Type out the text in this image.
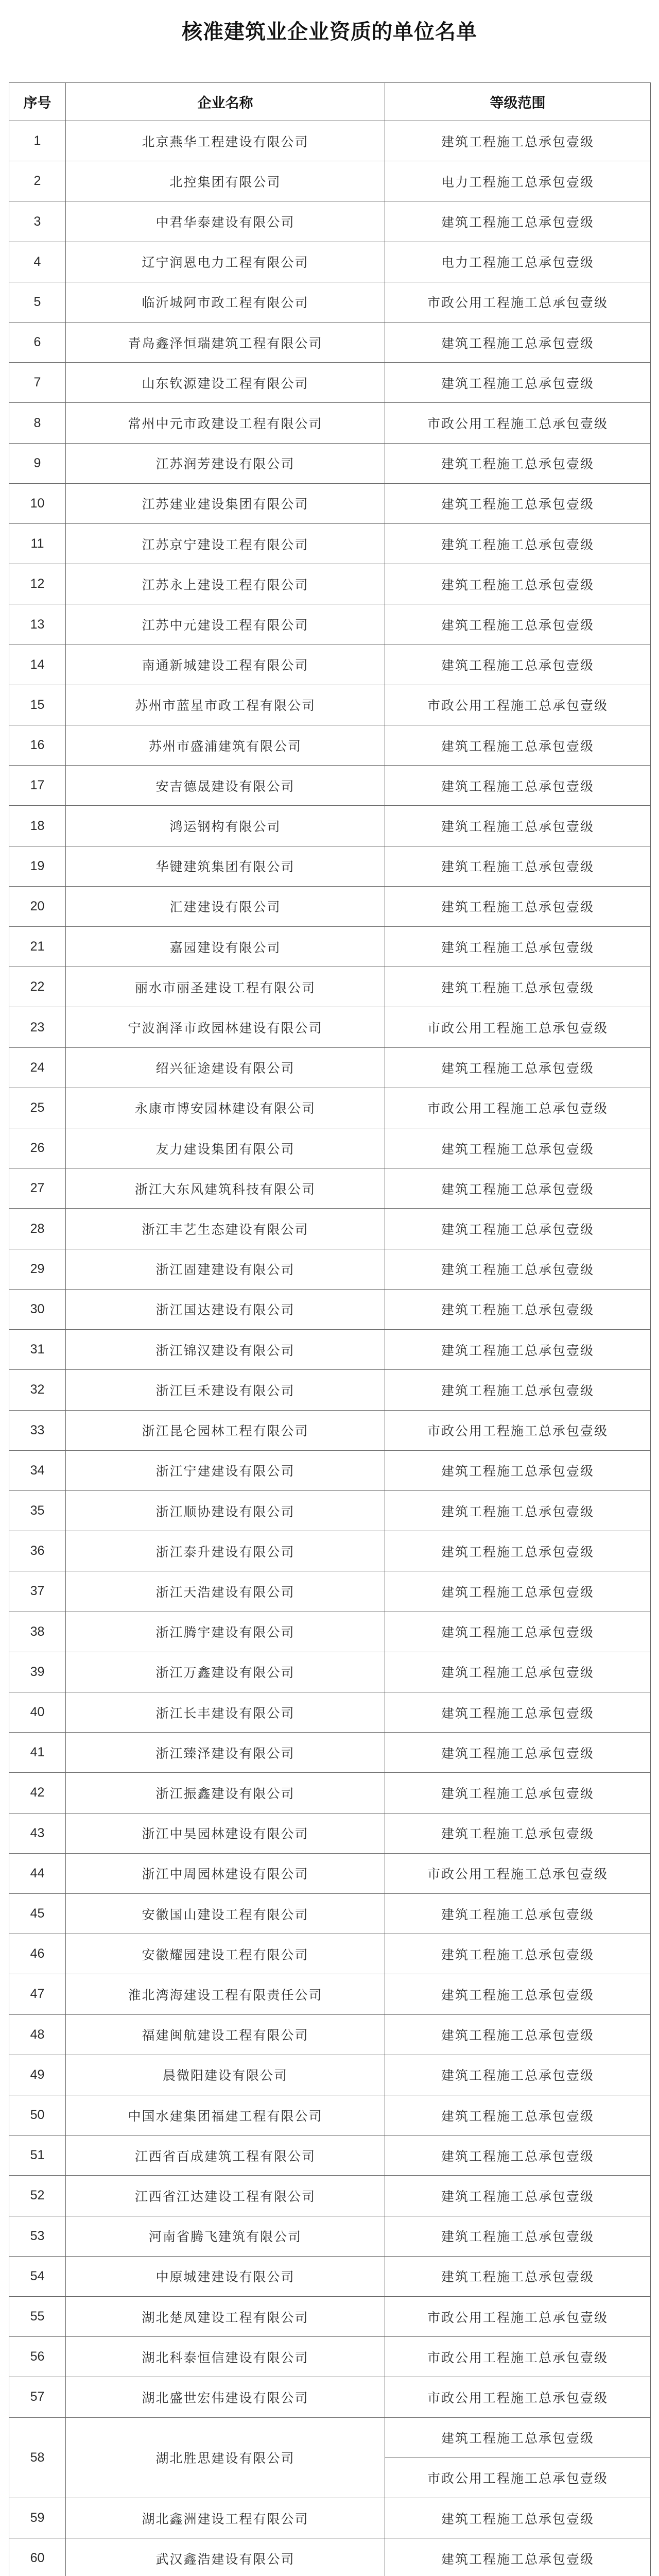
核准建筑业企业资质的单位名单
序号	企业名称	等级范围
1	北京燕华工程建设有限公司	建筑工程施工总承包壹级
2	北控集团有限公司	电力工程施工总承包壹级
3	中君华泰建设有限公司	建筑工程施工总承包壹级
4	辽宁润恩电力工程有限公司	电力工程施工总承包壹级
5	临沂城阿市政工程有限公司	市政公用工程施工总承包壹级
6	青岛鑫泽恒瑞建筑工程有限公司	建筑工程施工总承包壹级
7	山东钦源建设工程有限公司	建筑工程施工总承包壹级
8	常州中元市政建设工程有限公司	市政公用工程施工总承包壹级
9	江苏润芳建设有限公司	建筑工程施工总承包壹级
10	江苏建业建设集团有限公司	建筑工程施工总承包壹级
11	江苏京宁建设工程有限公司	建筑工程施工总承包壹级
12	江苏永上建设工程有限公司	建筑工程施工总承包壹级
13	江苏中元建设工程有限公司	建筑工程施工总承包壹级
14	南通新城建设工程有限公司	建筑工程施工总承包壹级
15	苏州市蓝星市政工程有限公司	市政公用工程施工总承包壹级
16	苏州市盛浦建筑有限公司	建筑工程施工总承包壹级
17	安吉德晟建设有限公司	建筑工程施工总承包壹级
18	鸿运钢构有限公司	建筑工程施工总承包壹级
19	华键建筑集团有限公司	建筑工程施工总承包壹级
20	汇建建设有限公司	建筑工程施工总承包壹级
21	嘉园建设有限公司	建筑工程施工总承包壹级
22	丽水市丽圣建设工程有限公司	建筑工程施工总承包壹级
23	宁波润泽市政园林建设有限公司	市政公用工程施工总承包壹级
24	绍兴征途建设有限公司	建筑工程施工总承包壹级
25	永康市博安园林建设有限公司	市政公用工程施工总承包壹级
26	友力建设集团有限公司	建筑工程施工总承包壹级
27	浙江大东风建筑科技有限公司	建筑工程施工总承包壹级
28	浙江丰艺生态建设有限公司	建筑工程施工总承包壹级
29	浙江固建建设有限公司	建筑工程施工总承包壹级
30	浙江国达建设有限公司	建筑工程施工总承包壹级
31	浙江锦汉建设有限公司	建筑工程施工总承包壹级
32	浙江巨禾建设有限公司	建筑工程施工总承包壹级
33	浙江昆仑园林工程有限公司	市政公用工程施工总承包壹级
34	浙江宁建建设有限公司	建筑工程施工总承包壹级
35	浙江顺协建设有限公司	建筑工程施工总承包壹级
36	浙江泰升建设有限公司	建筑工程施工总承包壹级
37	浙江天浩建设有限公司	建筑工程施工总承包壹级
38	浙江腾宇建设有限公司	建筑工程施工总承包壹级
39	浙江万鑫建设有限公司	建筑工程施工总承包壹级
40	浙江长丰建设有限公司	建筑工程施工总承包壹级
41	浙江臻泽建设有限公司	建筑工程施工总承包壹级
42	浙江振鑫建设有限公司	建筑工程施工总承包壹级
43	浙江中昊园林建设有限公司	建筑工程施工总承包壹级
44	浙江中周园林建设有限公司	市政公用工程施工总承包壹级
45	安徽国山建设工程有限公司	建筑工程施工总承包壹级
46	安徽耀园建设工程有限公司	建筑工程施工总承包壹级
47	淮北湾海建设工程有限责任公司	建筑工程施工总承包壹级
48	福建闽航建设工程有限公司	建筑工程施工总承包壹级
49	晨微阳建设有限公司	建筑工程施工总承包壹级
50	中国水建集团福建工程有限公司	建筑工程施工总承包壹级
51	江西省百成建筑工程有限公司	建筑工程施工总承包壹级
52	江西省江达建设工程有限公司	建筑工程施工总承包壹级
53	河南省腾飞建筑有限公司	建筑工程施工总承包壹级
54	中原城建建设有限公司	建筑工程施工总承包壹级
55	湖北楚凤建设工程有限公司	市政公用工程施工总承包壹级
56	湖北科泰恒信建设有限公司	市政公用工程施工总承包壹级
57	湖北盛世宏伟建设有限公司	市政公用工程施工总承包壹级
58	湖北胜思建设有限公司	建筑工程施工总承包壹级
		市政公用工程施工总承包壹级
59	湖北鑫洲建设工程有限公司	建筑工程施工总承包壹级
60	武汉鑫浩建设有限公司	建筑工程施工总承包壹级
